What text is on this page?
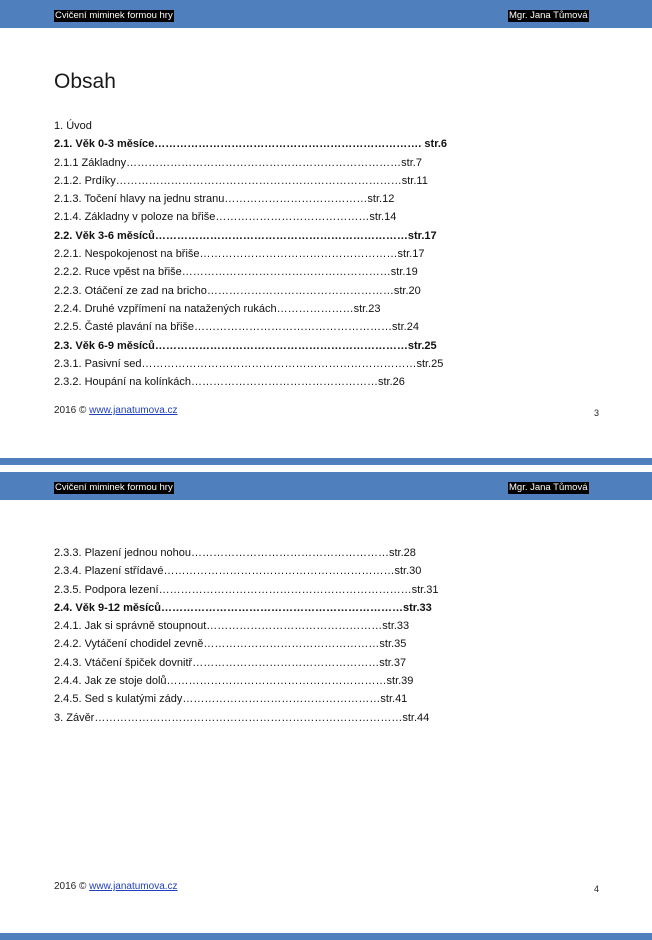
Cvičení miminek formou hry	Mgr. Jana Tůmová
Obsah
1. Úvod
2.1. Věk 0-3 měsíce………………………………………………………………. str.6
2.1.1 Základny…………………………………………………………………str.7
2.1.2. Prdíky……………………………………………………………………str.11
2.1.3. Točení hlavy na jednu stranu…………………………………str.12
2.1.4. Základny v poloze na břiše……………………………………str.14
2.2. Věk 3-6 měsíců……………………………………………………………str.17
2.2.1. Nespokojenost na břiše………………………………………………str.17
2.2.2. Ruce vpěst na břiše…………………………………………………str.19
2.2.3. Otáčení ze zad na bricho……………………………………………str.20
2.2.4. Druhé vzpřímení na natažených rukách…………………str.23
2.2.5. Časté plavání na břiše………………………………………………str.24
2.3. Věk 6-9 měsíců……………………………………………………………str.25
2.3.1. Pasivní sed…………………………………………………………………str.25
2.3.2. Houpání na kolínkách……………………………………………str.26
2016 © www.janatumova.cz	3
Cvičení miminek formou hry	Mgr. Jana Tůmová
2.3.3. Plazení jednou nohou………………………………………………str.28
2.3.4. Plazení střídavé………………………………………………………str.30
2.3.5. Podpora lezení……………………………………………………………str.31
2.4. Věk 9-12 měsíců…………………………………………………………str.33
2.4.1. Jak si správně stoupnout…………………………………………str.33
2.4.2. Vytáčení chodidel zevně…………………………………………str.35
2.4.3. Vtáčení špiček dovnitř……………………………………………str.37
2.4.4. Jak ze stoje dolů……………………………………………………str.39
2.4.5. Sed s kulatými zády………………………………………………str.41
3. Závěr…………………………………………………………………………str.44
2016 © www.janatumova.cz	4
